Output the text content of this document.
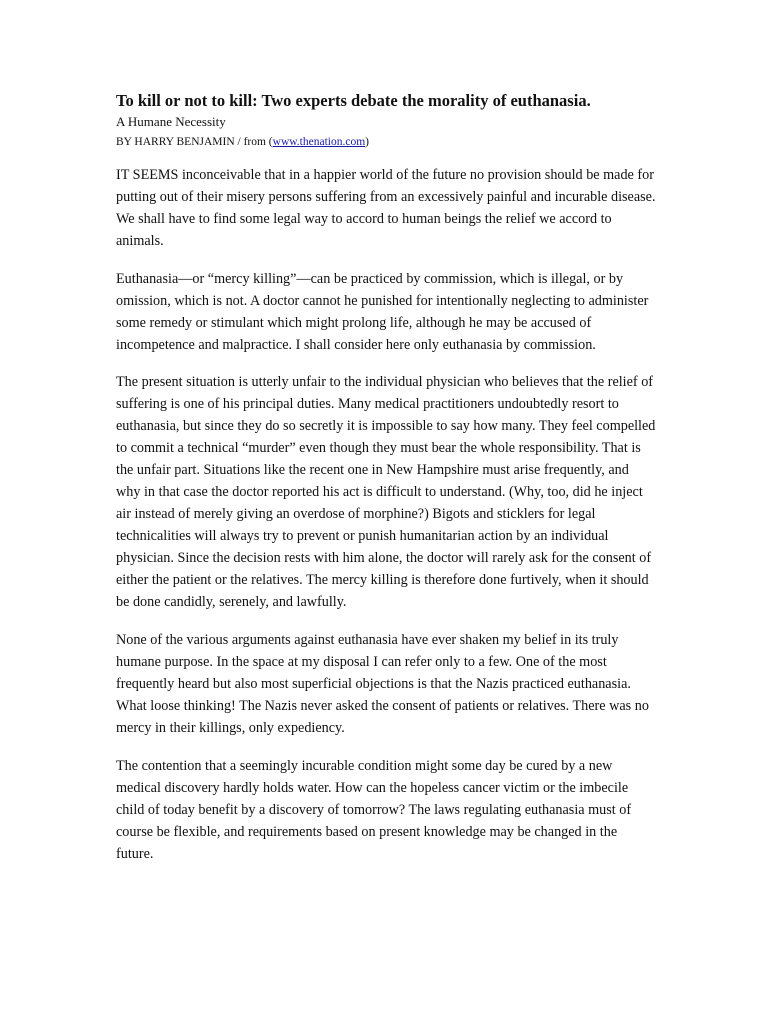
To kill or not to kill: Two experts debate the morality of euthanasia.

A Humane Necessity

BY HARRY BENJAMIN / from (www.thenation.com)

IT SEEMS inconceivable that in a happier world of the future no provision should be made for putting out of their misery persons suffering from an excessively painful and incurable disease. We shall have to find some legal way to accord to human beings the relief we accord to animals.

Euthanasia—or “mercy killing”—can be practiced by commission, which is illegal, or by omission, which is not. A doctor cannot he punished for intentionally neglecting to administer some remedy or stimulant which might prolong life, although he may be accused of incompetence and malpractice. I shall consider here only euthanasia by commission.

The present situation is utterly unfair to the individual physician who believes that the relief of suffering is one of his principal duties. Many medical practitioners undoubtedly resort to euthanasia, but since they do so secretly it is impossible to say how many. They feel compelled to commit a technical “murder” even though they must bear the whole responsibility. That is the unfair part. Situations like the recent one in New Hampshire must arise frequently, and why in that case the doctor reported his act is difficult to understand. (Why, too, did he inject air instead of merely giving an overdose of morphine?) Bigots and sticklers for legal technicalities will always try to prevent or punish humanitarian action by an individual physician. Since the decision rests with him alone, the doctor will rarely ask for the consent of either the patient or the relatives. The mercy killing is therefore done furtively, when it should be done candidly, serenely, and lawfully.

None of the various arguments against euthanasia have ever shaken my belief in its truly humane purpose. In the space at my disposal I can refer only to a few. One of the most frequently heard but also most superficial objections is that the Nazis practiced euthanasia. What loose thinking! The Nazis never asked the consent of patients or relatives. There was no mercy in their killings, only expediency.

The contention that a seemingly incurable condition might some day be cured by a new medical discovery hardly holds water. How can the hopeless cancer victim or the imbecile child of today benefit by a discovery of tomorrow? The laws regulating euthanasia must of course be flexible, and requirements based on present knowledge may be changed in the future.
